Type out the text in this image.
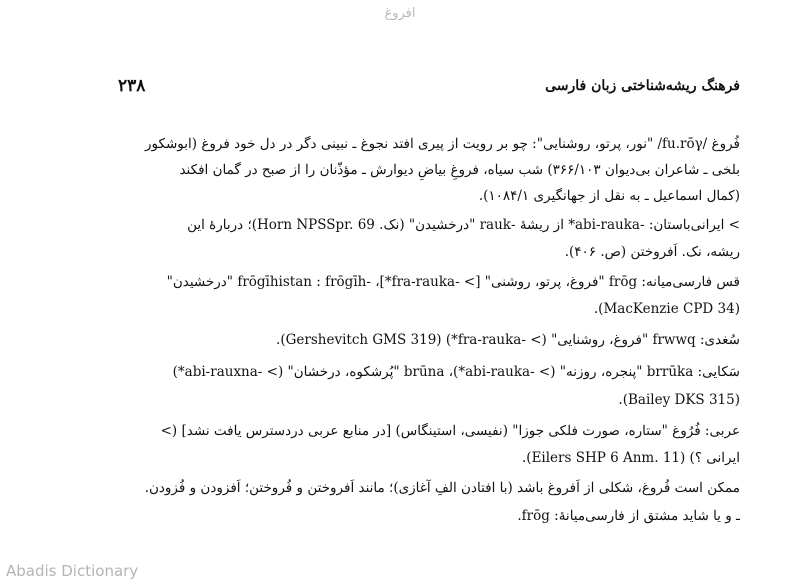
افروغ
۲۳۸	فرهنگ ریشه‌شناختی زبان فارسی
فُروغ /fu.rōγ/ "نور، پرتو، روشنایی": چو بر رویت از پیری افتد نجوغ ـ نبینی دگر در دل خود فروغ (ابوشکور
بلخی ـ شاعران بی‌دیوان ۳۶۶/۱۰۳) شب سیاه، فروغِ بیاضِ دیوارش ـ مؤذّنان را از صبح در گمان افکند
(کمال اسماعیل ـ به نقل از جهانگیری ۱۰۸۴/۱).
> ایرانی‌باستان: -abi-rauka* از ریشهٔ -rauk "درخشیدن" (نک. Horn NPSSpr. 69)؛ دربارهٔ این
ریشه، نک. اَفروختن (ص. ۴۰۶).
قس فارسی‌میانه: frōg "فروغ، پرتو، روشنی" [> -fra-rauka*]، -frōgīhistan : frōgīh "درخشیدن"
(MacKenzie CPD 34).
سُغدی: frwwq "فروغ، روشنایی" (> -fra-rauka*) (Gershevitch GMS 319).
سَکایی: brrūka "پنجره، روزنه" (> -abi-rauka*)، brūna "پُرشکوه، درخشان" (> -abi-rauxna*)
(Bailey DKS 315).
عربی: فُرُوغ "ستاره، صورت فلکی جوزا" (نفیسی، استینگاس) [در منابع عربی دردسترس یافت نشد] (>
ایرانی ؟) (Eilers SHP 6 Anm. 11).
ممکن است فُروغ، شکلی از اَفروغ باشد (با افتادن الفِ آغازی)؛ مانند اَفروختن و فُروختن؛ اَفزودن و فُزودن.
ـ و یا شاید مشتق از فارسی‌میانهٔ: frōg.
Abadis Dictionary
